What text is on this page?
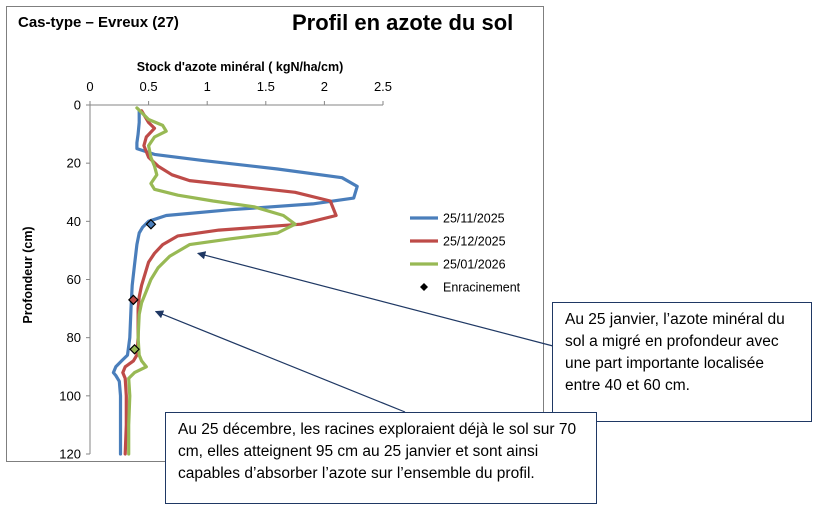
Cas-type – Evreux (27)	Profil en azote du sol
Stock d'azote minéral ( kgN/ha/cm)
Profondeur (cm)
0	0.5	1	1.5	2	2.5
0
20
40
60
80
100
120
25/11/2025
25/12/2025
25/01/2026
Enracinement
Au 25 janvier, l’azote minéral du sol a migré en profondeur avec une part importante localisée entre 40 et 60 cm.
Au 25 décembre, les racines exploraient déjà le sol sur 70 cm, elles atteignent 95 cm au 25 janvier et sont ainsi capables d’absorber l’azote sur l’ensemble du profil.
